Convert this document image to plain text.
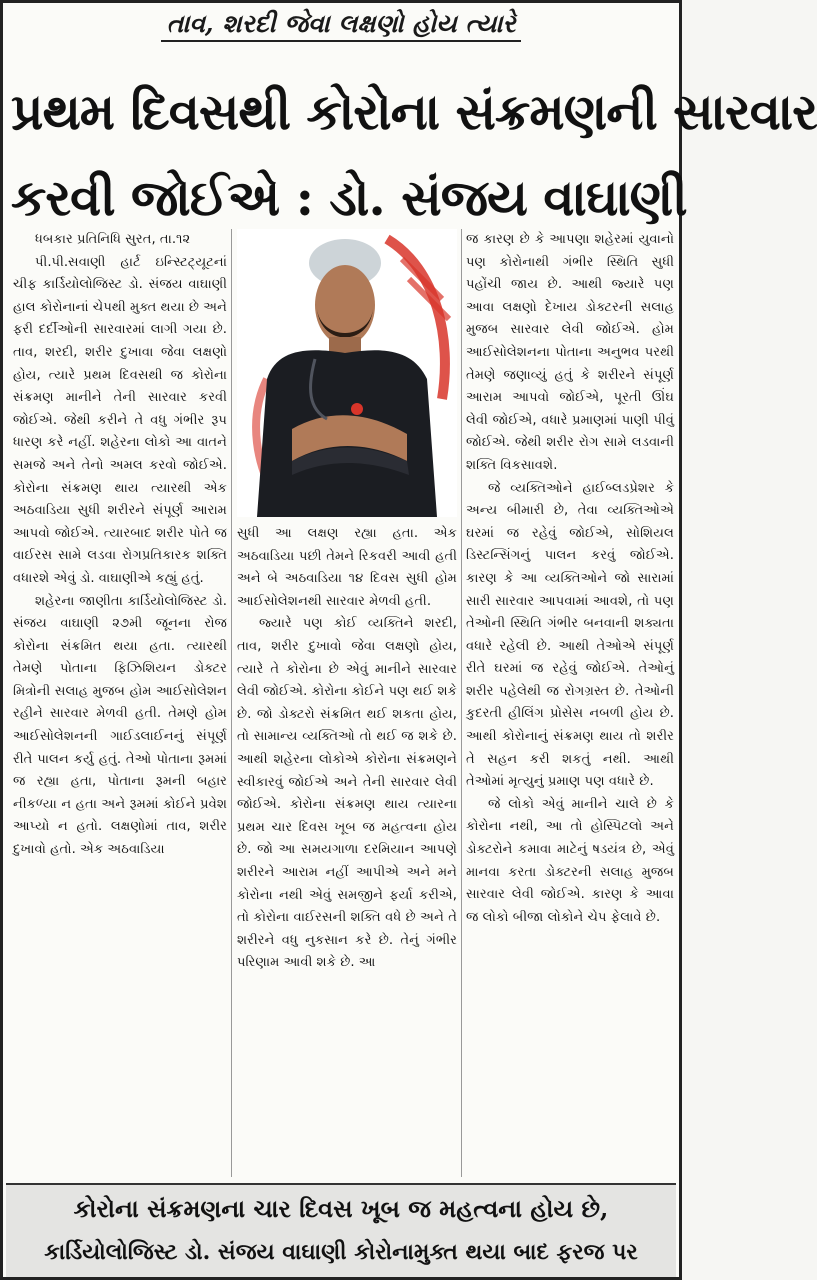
તાવ, શરદી જેવા લક્ષણો હોય ત્યારે
પ્રથમ દિવસથી કોરોના સંક્રમણની સારવાર
કરવી જોઈએ : ડો. સંજય વાઘાણી

ધબકાર પ્રતિનિધિ સુરત, તા.૧૨

પી.પી.સવાણી હાર્ટ ઇન્સ્ટિટ્યૂટનાં ચીફ કાર્ડિયોલોજિસ્ટ ડો. સંજય વાઘાણી હાલ કોરોનાનાં ચેપથી મુક્ત થયા છે અને ફરી દર્દીઓની સારવારમાં લાગી ગયા છે. તાવ, શરદી, શરીર દુખાવા જેવા લક્ષણો હોય, ત્યારે પ્રથમ દિવસથી જ કોરોના સંક્રમણ માનીને તેની સારવાર કરવી જોઈએ. જેથી કરીને તે વધુ ગંભીર રૂપ ધારણ કરે નહીં. શહેરના લોકો આ વાતને સમજે અને તેનો અમલ કરવો જોઈએ. કોરોના સંક્રમણ થાય ત્યારથી એક અઠવાડિયા સુધી શરીરને સંપૂર્ણ આરામ આપવો જોઈએ. ત્યારબાદ શરીર પોતે જ વાઈરસ સામે લડવા રોગપ્રતિકારક શક્તિ વધારશે એવું ડો. વાઘાણીએ કહ્યું હતું.

શહેરના જાણીતા કાર્ડિયોલોજિસ્ટ ડો. સંજય વાઘાણી ૨૭મી જૂનના રોજ કોરોના સંક્રમિત થયા હતા. ત્યારથી તેમણે પોતાના ફિઝિશિયન ડોક્ટર મિત્રોની સલાહ મુજબ હોમ આઈસોલેશન રહીને સારવાર મેળવી હતી. તેમણે હોમ આઈસોલેશનની ગાઈડલાઈનનું સંપૂર્ણ રીતે પાલન કર્યુ હતું. તેઓ પોતાના રૂમમાં જ રહ્યા હતા, પોતાના રૂમની બહાર નીકળ્યા ન હતા અને રૂમમાં કોઈને પ્રવેશ આપ્યો ન હતો. લક્ષણોમાં તાવ, શરીર દુખાવો હતો. એક અઠવાડિયા

સુધી આ લક્ષણ રહ્યા હતા. એક અઠવાડિયા પછી તેમને રિકવરી આવી હતી અને બે અઠવાડિયા ૧૪ દિવસ સુધી હોમ આઈસોલેશનથી સારવાર મેળવી હતી.

જ્યારે પણ કોઈ વ્યક્તિને શરદી, તાવ, શરીર દુખાવો જેવા લક્ષણો હોય, ત્યારે તે કોરોના છે એવું માનીને સારવાર લેવી જોઈએ. કોરોના કોઈને પણ થઈ શકે છે. જો ડોક્ટરો સંક્રમિત થઈ શકતા હોય, તો સામાન્ય વ્યક્તિઓ તો થઈ જ શકે છે. આથી શહેરના લોકોએ કોરોના સંક્રમણને સ્વીકારવું જોઈએ અને તેની સારવાર લેવી જોઈએ. કોરોના સંક્રમણ થાય ત્યારના પ્રથમ ચાર દિવસ ખૂબ જ મહત્વના હોય છે. જો આ સમયગાળા દરમિયાન આપણે શરીરને આરામ નહીં આપીએ અને મને કોરોના નથી એવું સમજીને ફર્યા કરીએ, તો કોરોના વાઈરસની શક્તિ વધે છે અને તે શરીરને વધુ નુકસાન કરે છે. તેનું ગંભીર પરિણામ આવી શકે છે. આ

જ કારણ છે કે આપણા શહેરમાં યુવાનો પણ કોરોનાથી ગંભીર સ્થિતિ સુધી પહોંચી જાય છે. આથી જ્યારે પણ આવા લક્ષણો દેખાય ડોક્ટરની સલાહ મુજબ સારવાર લેવી જોઈએ. હોમ આઈસોલેશનના પોતાના અનુભવ પરથી તેમણે જણાવ્યું હતું કે શરીરને સંપૂર્ણ આરામ આપવો જોઈએ, પૂરતી ઊંઘ લેવી જોઈએ, વધારે પ્રમાણમાં પાણી પીવું જોઈએ. જેથી શરીર રોગ સામે લડવાની શક્તિ વિકસાવશે.

જે વ્યક્તિઓને હાઈબ્લડપ્રેશર કે અન્ય બીમારી છે, તેવા વ્યક્તિઓએ ઘરમાં જ રહેવું જોઈએ, સોશિયલ ડિસ્ટન્સિંગનું પાલન કરવું જોઈએ. કારણ કે આ વ્યક્તિઓને જો સારામાં સારી સારવાર આપવામાં આવશે, તો પણ તેઓની સ્થિતિ ગંભીર બનવાની શક્યતા વધારે રહેલી છે. આથી તેઓએ સંપૂર્ણ રીતે ઘરમાં જ રહેવું જોઈએ. તેઓનું શરીર પહેલેથી જ રોગગ્રસ્ત છે. તેઓની કુદરતી હીલિંગ પ્રોસેસ નબળી હોય છે. આથી કોરોનાનું સંક્રમણ થાય તો શરીર તે સહન કરી શકતું નથી. આથી તેઓમાં મૃત્યુનું પ્રમાણ પણ વધારે છે.

જે લોકો એવું માનીને ચાલે છે કે કોરોના નથી, આ તો હોસ્પિટલો અને ડોક્ટરોને કમાવા માટેનું ષડયંત્ર છે, એવું માનવા કરતા ડોક્ટરની સલાહ મુજબ સારવાર લેવી જોઈએ. કારણ કે આવા જ લોકો બીજા લોકોને ચેપ ફેલાવે છે.

કોરોના સંક્રમણના ચાર દિવસ ખૂબ જ મહત્વના હોય છે,
કાર્ડિયોલોજિસ્ટ ડો. સંજય વાઘાણી કોરોનામુક્ત થયા બાદ ફરજ પર
